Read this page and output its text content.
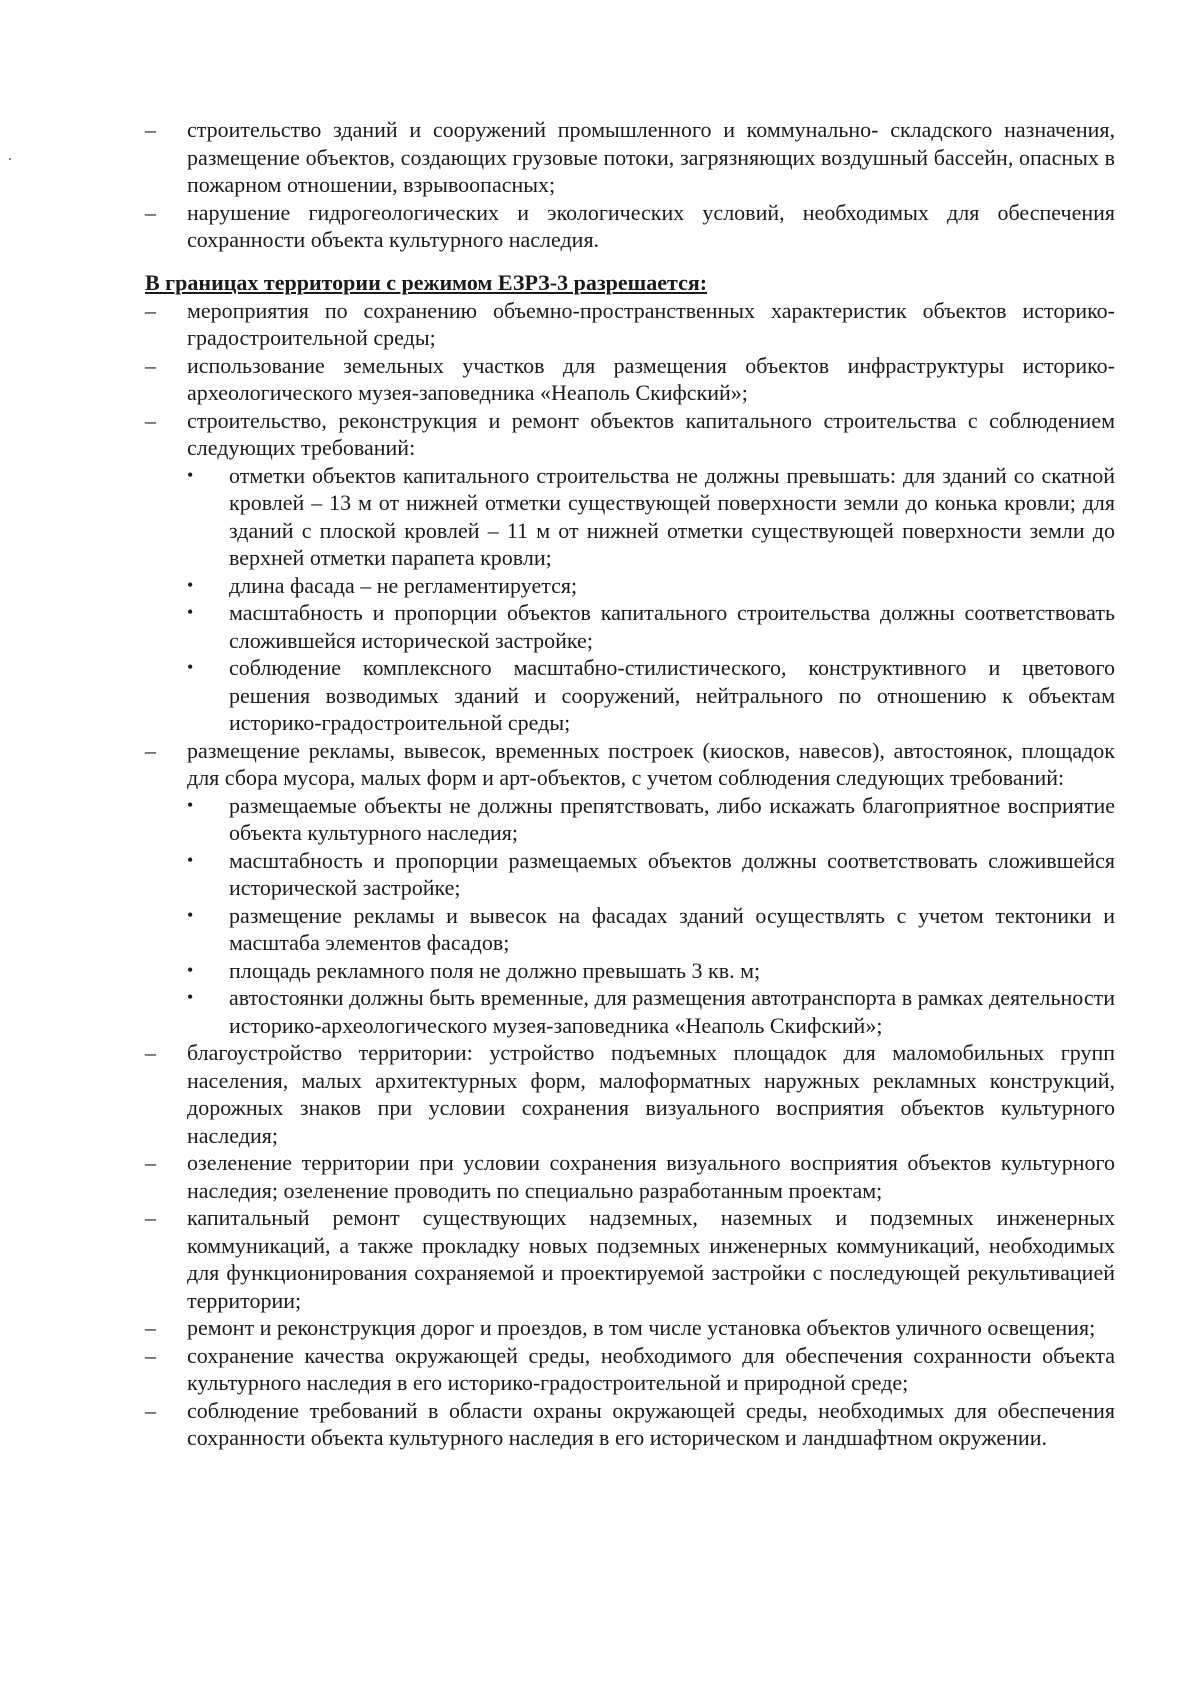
–	строительство зданий и сооружений промышленного и коммунально- складского назначения, размещение объектов, создающих грузовые потоки, загрязняющих воздушный бассейн, опасных в пожарном отношении, взрывоопасных;
–	нарушение гидрогеологических и экологических условий, необходимых для обеспечения сохранности объекта культурного наследия.

В границах территории с режимом ЕЗРЗ-3 разрешается:

–	мероприятия по сохранению объемно-пространственных характеристик объектов историко-градостроительной среды;
–	использование земельных участков для размещения объектов инфраструктуры историко-археологического музея-заповедника «Неаполь Скифский»;
–	строительство, реконструкция и ремонт объектов капитального строительства с соблюдением следующих требований:
• отметки объектов капитального строительства не должны превышать: для зданий со скатной кровлей – 13 м от нижней отметки существующей поверхности земли до конька кровли; для зданий с плоской кровлей – 11 м от нижней отметки существующей поверхности земли до верхней отметки парапета кровли;
• длина фасада – не регламентируется;
• масштабность и пропорции объектов капитального строительства должны соответствовать сложившейся исторической застройке;
• соблюдение комплексного масштабно-стилистического, конструктивного и цветового решения возводимых зданий и сооружений, нейтрального по отношению к объектам историко-градостроительной среды;
–	размещение рекламы, вывесок, временных построек (киосков, навесов), автостоянок, площадок для сбора мусора, малых форм и арт-объектов, с учетом соблюдения следующих требований:
• размещаемые объекты не должны препятствовать, либо искажать благоприятное восприятие объекта культурного наследия;
• масштабность и пропорции размещаемых объектов должны соответствовать сложившейся исторической застройке;
• размещение рекламы и вывесок на фасадах зданий осуществлять с учетом тектоники и масштаба элементов фасадов;
• площадь рекламного поля не должно превышать 3 кв. м;
• автостоянки должны быть временные, для размещения автотранспорта в рамках деятельности историко-археологического музея-заповедника «Неаполь Скифский»;
–	благоустройство территории: устройство подъемных площадок для маломобильных групп населения, малых архитектурных форм, малоформатных наружных рекламных конструкций, дорожных знаков при условии сохранения визуального восприятия объектов культурного наследия;
–	озеленение территории при условии сохранения визуального восприятия объектов культурного наследия; озеленение проводить по специально разработанным проектам;
–	капитальный ремонт существующих надземных, наземных и подземных инженерных коммуникаций, а также прокладку новых подземных инженерных коммуникаций, необходимых для функционирования сохраняемой и проектируемой застройки с последующей рекультивацией территории;
–	ремонт и реконструкция дорог и проездов, в том числе установка объектов уличного освещения;
–	сохранение качества окружающей среды, необходимого для обеспечения сохранности объекта культурного наследия в его историко-градостроительной и природной среде;
–	соблюдение требований в области охраны окружающей среды, необходимых для обеспечения сохранности объекта культурного наследия в его историческом и ландшафтном окружении.
